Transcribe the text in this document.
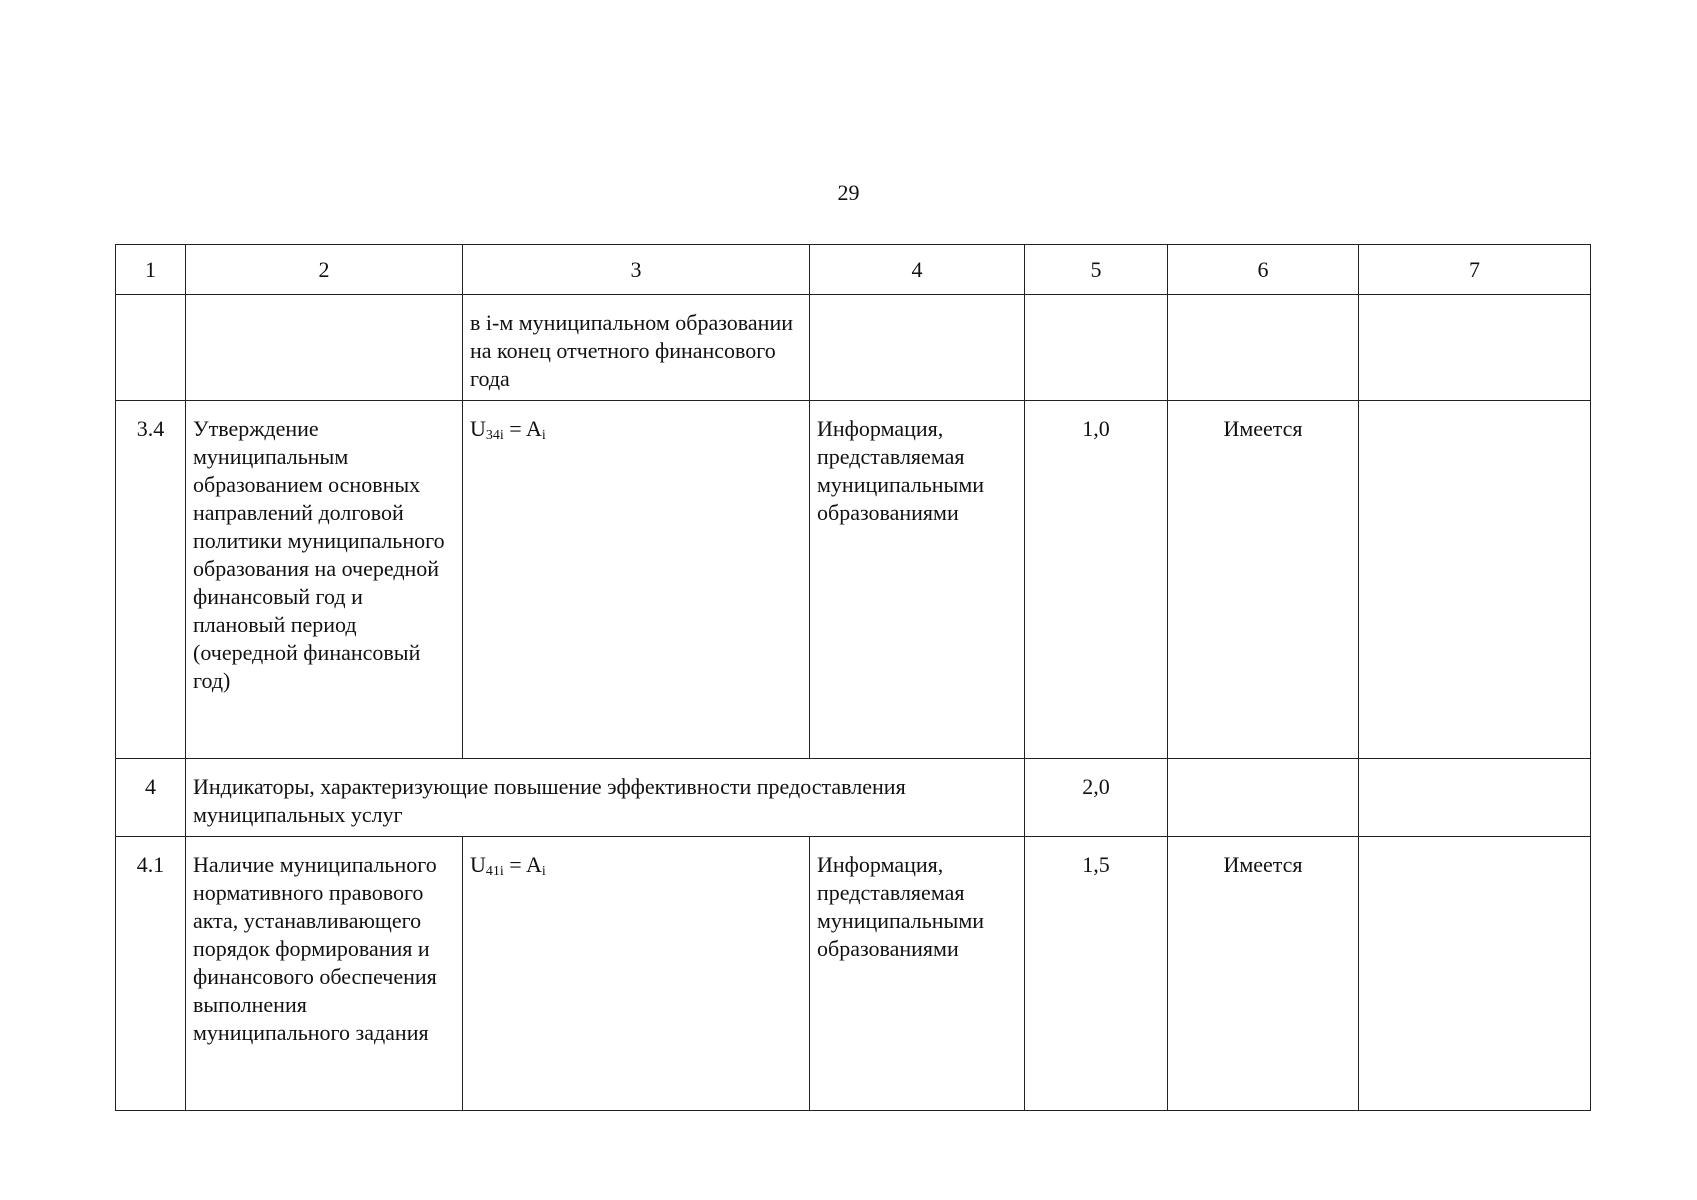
29
1	2	3	4	5	6	7
		в i-м муниципальном образовании на конец отчетного финансового года				
3.4	Утверждение муниципальным образованием основных направлений долговой политики муниципального образования на очередной финансовый год и плановый период (очередной финансовый год)	$U_{34i} = A_i$	Информация, представляемая муниципальными образованиями	1,0	Имеется	
4	Индикаторы, характеризующие повышение эффективности предоставления муниципальных услуг			2,0		
4.1	Наличие муниципального нормативного правового акта, устанавливающего порядок формирования и финансового обеспечения выполнения муниципального задания	$U_{41i} = A_i$	Информация, представляемая муниципальными образованиями	1,5	Имеется	
